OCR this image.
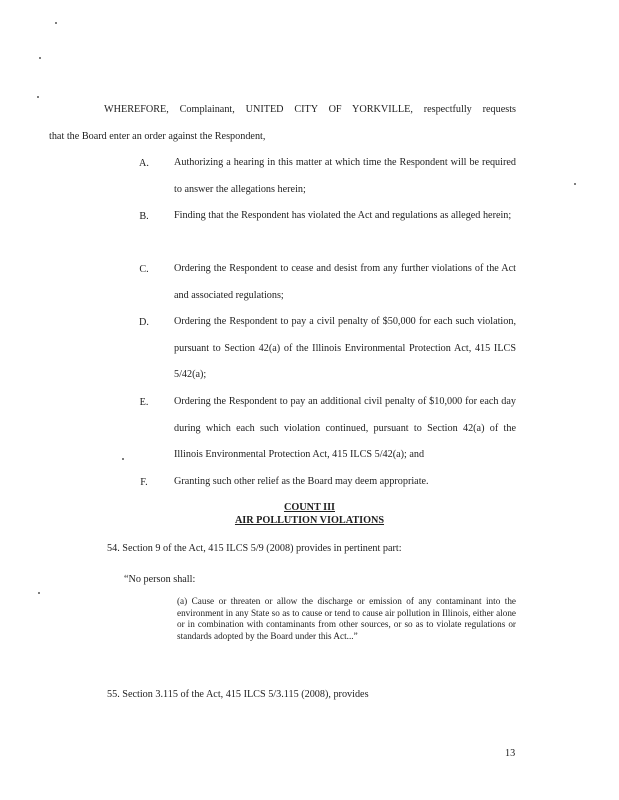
WHEREFORE, Complainant, UNITED CITY OF YORKVILLE, respectfully requests
that the Board enter an order against the Respondent,
A. Authorizing a hearing in this matter at which time the Respondent will be required to answer the allegations herein;
B. Finding that the Respondent has violated the Act and regulations as alleged herein;
C. Ordering the Respondent to cease and desist from any further violations of the Act and associated regulations;
D. Ordering the Respondent to pay a civil penalty of $50,000 for each such violation, pursuant to Section 42(a) of the Illinois Environmental Protection Act, 415 ILCS 5/42(a);
E.	Ordering the Respondent to pay an additional civil penalty of $10,000 for each day during which each such violation continued, pursuant to Section 42(a) of the Illinois Environmental Protection Act, 415 ILCS 5/42(a); and
F.	Granting such other relief as the Board may deem appropriate.
COUNT III
AIR POLLUTION VIOLATIONS
54. Section 9 of the Act, 415 ILCS 5/9 (2008) provides in pertinent part:
“No person shall:
(a) Cause or threaten or allow the discharge or emission of any contaminant into the environment in any State so as to cause or tend to cause air pollution in Illinois, either alone or in combination with contaminants from other sources, or so as to violate regulations or standards adopted by the Board under this Act...”
55. Section 3.115 of the Act, 415 ILCS 5/3.115 (2008), provides
13
